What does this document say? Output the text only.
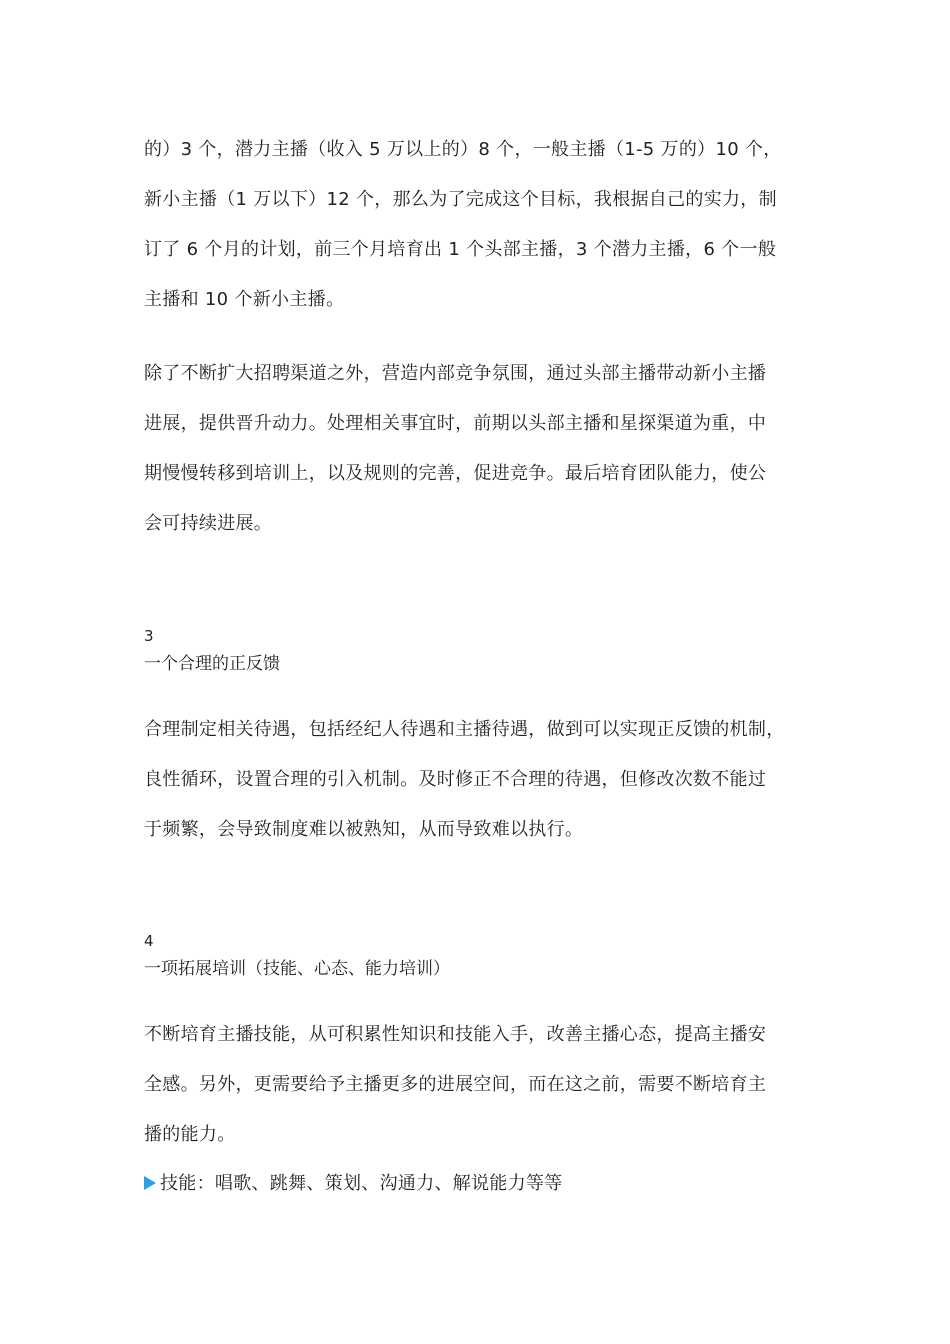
的）3 个，潜力主播（收入 5 万以上的）8 个，一般主播（1-5 万的）10 个，
新小主播（1 万以下）12 个，那么为了完成这个目标，我根据自己的实力，制
订了 6 个月的计划，前三个月培育出 1 个头部主播，3 个潜力主播，6 个一般
主播和 10 个新小主播。
除了不断扩大招聘渠道之外，营造内部竞争氛围，通过头部主播带动新小主播
进展，提供晋升动力。处理相关事宜时，前期以头部主播和星探渠道为重，中
期慢慢转移到培训上，以及规则的完善，促进竞争。最后培育团队能力，使公
会可持续进展。
3
一个合理的正反馈
合理制定相关待遇，包括经纪人待遇和主播待遇，做到可以实现正反馈的机制，
良性循环，设置合理的引入机制。及时修正不合理的待遇，但修改次数不能过
于频繁，会导致制度难以被熟知，从而导致难以执行。
4
一项拓展培训（技能、心态、能力培训）
不断培育主播技能，从可积累性知识和技能入手，改善主播心态，提高主播安
全感。另外，更需要给予主播更多的进展空间，而在这之前，需要不断培育主
播的能力。
技能：唱歌、跳舞、策划、沟通力、解说能力等等
